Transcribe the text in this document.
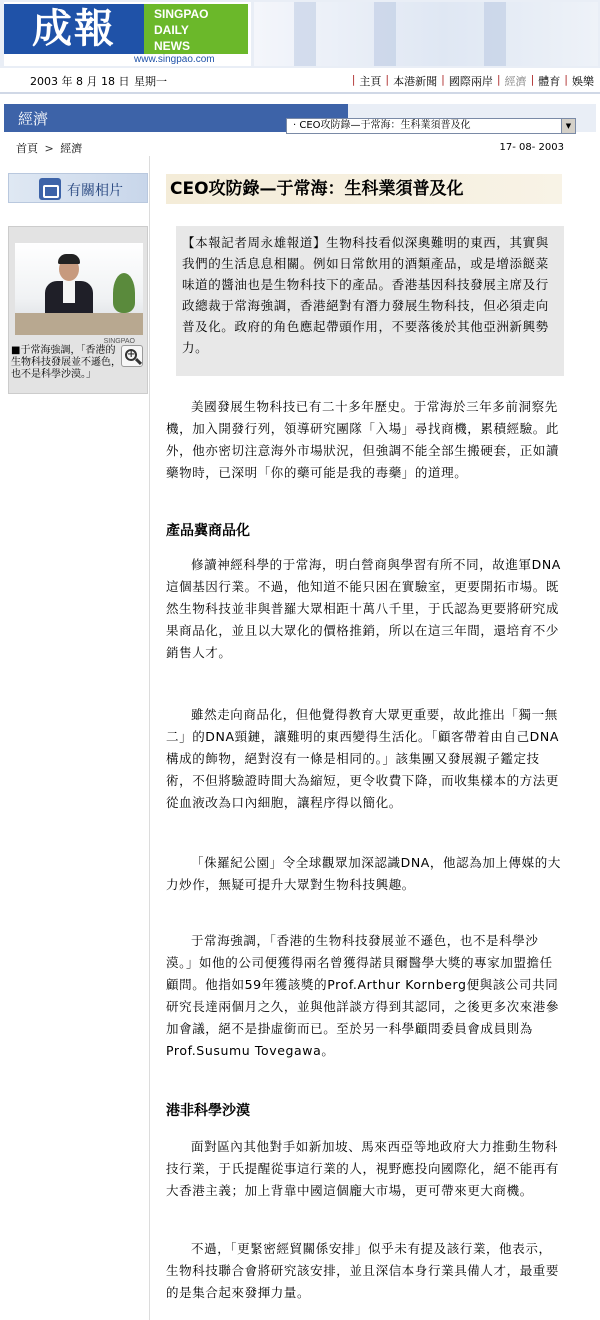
成報	SINGPAO
DAILY
NEWS
www.singpao.com
2003 年 8 月 18 日 星期一	| 主頁 | 本港新聞 | 國際兩岸 | 經濟 | 體育 | 娛樂
經濟	‧ CEO攻防錄—于常海：生科業須普及化	▼
首頁 > 經濟	17- 08- 2003
有關相片
SINGPAO
■于常海強調，「香港的生物科技發展並不遜色，也不是科學沙漠。」
+
CEO攻防錄—于常海：生科業須普及化

【本報記者周永雄報道】生物科技看似深奧難明的東西，其實與我們的生活息息相關。例如日常飲用的酒類產品，或是增添餸菜味道的醬油也是生物科技下的產品。香港基因科技發展主席及行政總裁于常海強調，香港絕對有潛力發展生物科技，但必須走向普及化。政府的角色應起帶頭作用，不要落後於其他亞洲新興勢力。

美國發展生物科技已有二十多年歷史。于常海於三年多前洞察先機，加入開發行列，領導研究團隊「入場」尋找商機，累積經驗。此外，他亦密切注意海外市場狀況，但強調不能全部生搬硬套，正如讀藥物時，已深明「你的藥可能是我的毒藥」的道理。

產品冀商品化

修讀神經科學的于常海，明白營商與學習有所不同，故進軍DNA這個基因行業。不過，他知道不能只困在實驗室，更要開拓市場。既然生物科技並非與普羅大眾相距十萬八千里，于氏認為更要將研究成果商品化，並且以大眾化的價格推銷，所以在這三年間，還培育不少銷售人才。

雖然走向商品化，但他覺得教育大眾更重要，故此推出「獨一無二」的DNA頸鏈，讓難明的東西變得生活化。「顧客帶着由自己DNA構成的飾物，絕對沒有一條是相同的。」該集團又發展親子鑑定技術，不但將驗證時間大為縮短，更令收費下降，而收集樣本的方法更從血液改為口內細胞，讓程序得以簡化。

「侏羅紀公園」令全球觀眾加深認識DNA，他認為加上傳媒的大力炒作，無疑可提升大眾對生物科技興趣。

于常海強調，「香港的生物科技發展並不遜色，也不是科學沙漠。」如他的公司便獲得兩名曾獲得諾貝爾醫學大獎的專家加盟擔任顧問。他指如59年獲該獎的Prof.Arthur Kornberg便與該公司共同研究長達兩個月之久，並與他詳談方得到其認同，之後更多次來港參加會議，絕不是掛虛銜而已。至於另一科學顧問委員會成員則為Prof.Susumu Tovegawa。

港非科學沙漠

面對區內其他對手如新加坡、馬來西亞等地政府大力推動生物科技行業，于氏提醒從事這行業的人，視野應投向國際化，絕不能再有大香港主義；加上背靠中國這個龐大市場，更可帶來更大商機。

不過，「更緊密經貿關係安排」似乎未有提及該行業，他表示，生物科技聯合會將研究該安排，並且深信本身行業具備人才，最重要的是集合起來發揮力量。
